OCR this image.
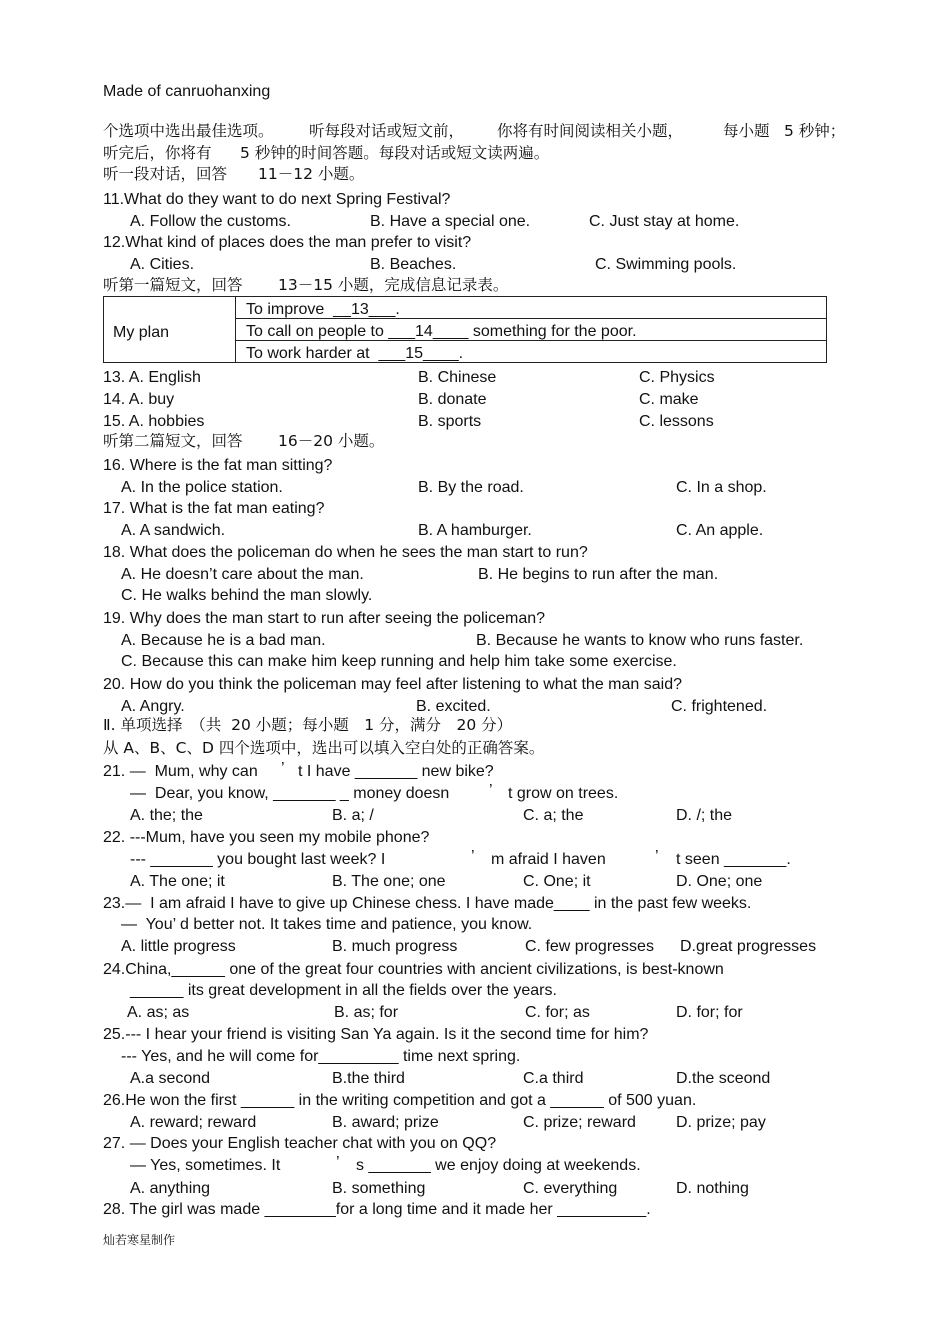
Made of canruohanxing
个选项中选出最佳选项。 听每段对话或短文前， 你将有时间阅读相关小题，	每小题 5 秒钟；
听完后，你将有 5 秒钟的时间答题。每段对话或短文读两遍。
听一段对话，回答 11－12 小题。
11.What do they want to do next Spring Festival?
A. Follow the customs.	B. Have a special one.	C. Just stay at home.
12.What kind of places does the man prefer to visit?
A. Cities.	B. Beaches.	C. Swimming pools.
听第一篇短文，回答 13－15 小题，完成信息记录表。
My plan
To improve  __13___.
To call on people to ___14____ something for the poor.
To work harder at  ___15____.
13. A. English	B. Chinese	C. Physics
14. A. buy	B. donate	C. make
15. A. hobbies	B. sports	C. lessons
听第二篇短文，回答 16－20 小题。
16. Where is the fat man sitting?
A. In the police station.	B. By the road.	C. In a shop.
17. What is the fat man eating?
A. A sandwich.	B. A hamburger.	C. An apple.
18. What does the policeman do when he sees the man start to run?
A. He doesn’t care about the man.	B. He begins to run after the man.
C. He walks behind the man slowly.
19. Why does the man start to run after seeing the policeman?
A. Because he is a bad man.	B. Because he wants to know who runs faster.
C. Because this can make him keep running and help him take some exercise.
20. How do you think the policeman may feel after listening to what the man said?
A. Angry.	B. excited.	C. frightened.
Ⅱ. 单项选择　（共  20 小题；每小题　1 分，满分　20 分）
从 A、B、C、D 四个选项中，选出可以填入空白处的正确答案。
21. —  Mum, why can ’ t I have _______ new bike?
—  Dear, you know, _______ _ money doesn ’ t grow on trees.
A. the; the	B. a; /	C. a; the	D. /; the
22. ---Mum, have you seen my mobile phone?
--- _______ you bought last week? I	’ m afraid I haven	’ t seen _______.
A. The one; it	B. The one; one	C. One; it	D. One; one
23.—  I am afraid I have to give up Chinese chess. I have made____ in the past few weeks.
—  You’ d better not. It takes time and patience, you know.
A. little progress	B. much progress	C. few progresses D.great progresses
24.China,______ one of the great four countries with ancient civilizations, is best-known
______ its great development in all the fields over the years.
A. as; as	B. as; for	C. for; as	D. for; for
25.--- I hear your friend is visiting San Ya again. Is it the second time for him?
--- Yes, and he will come for_________ time next spring.
A.a second	B.the third	C.a third	D.the sceond
26.He won the first ______ in the writing competition and got a ______ of 500 yuan.
A. reward; reward	B. award; prize	C. prize; reward	D. prize; pay
27. — Does your English teacher chat with you on QQ?
— Yes, sometimes. It	’ s _______ we enjoy doing at weekends.
A. anything	B. something	C. everything	D. nothing
28. The girl was made ________for a long time and it made her __________.
灿若寒星制作
